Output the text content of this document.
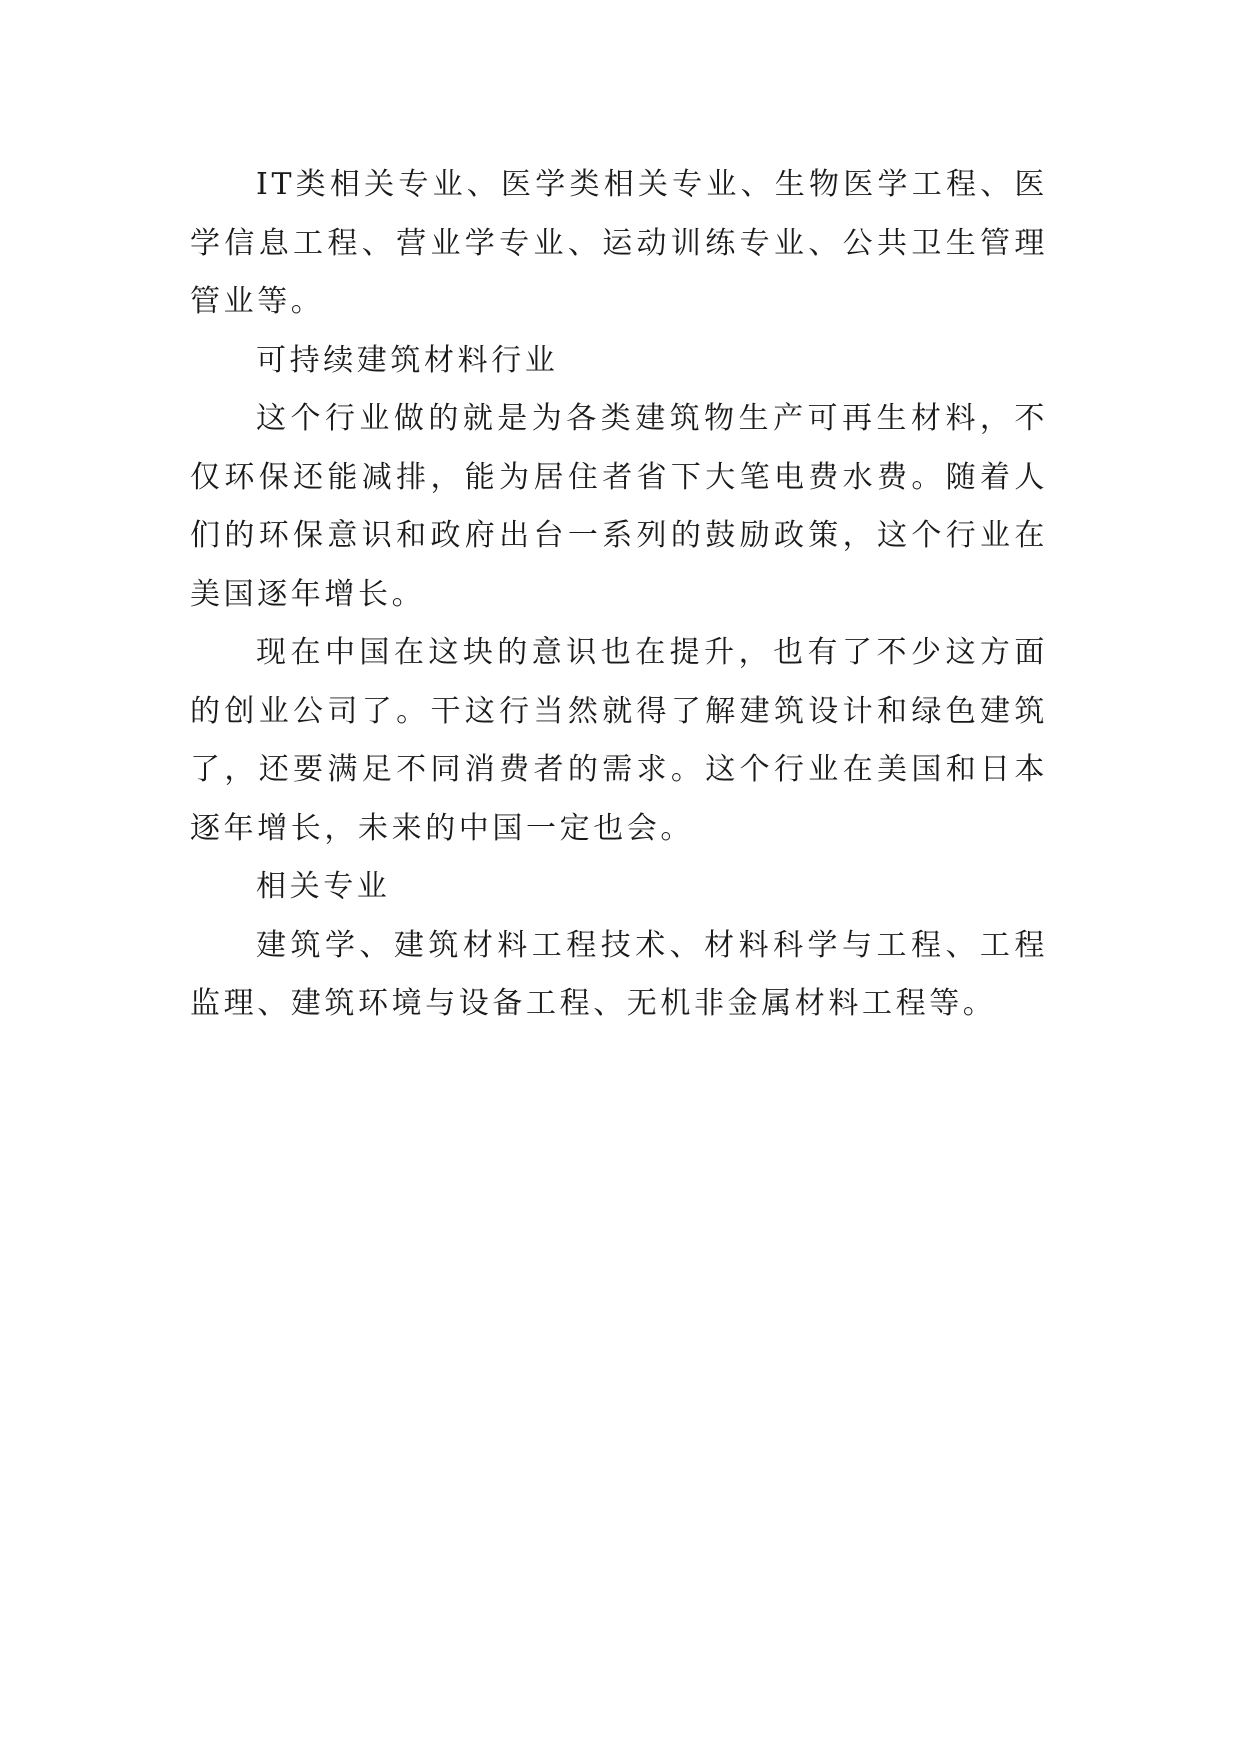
IT类相关专业、医学类相关专业、生物医学工程、医学信息工程、营业学专业、运动训练专业、公共卫生管理管业等。

可持续建筑材料行业

这个行业做的就是为各类建筑物生产可再生材料，不仅环保还能减排，能为居住者省下大笔电费水费。随着人们的环保意识和政府出台一系列的鼓励政策，这个行业在美国逐年增长。

现在中国在这块的意识也在提升，也有了不少这方面的创业公司了。干这行当然就得了解建筑设计和绿色建筑了，还要满足不同消费者的需求。这个行业在美国和日本逐年增长，未来的中国一定也会。

相关专业

建筑学、建筑材料工程技术、材料科学与工程、工程监理、建筑环境与设备工程、无机非金属材料工程等。
